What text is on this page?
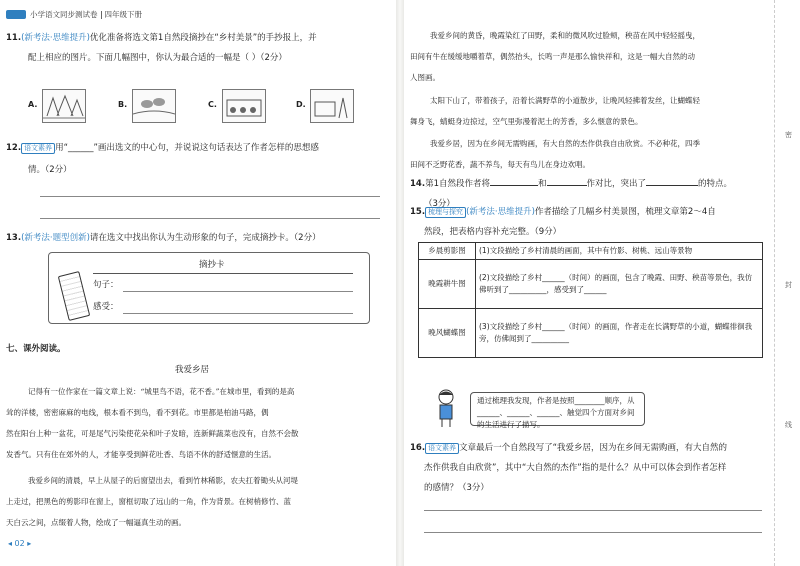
密
封
线
小学语文同步测试卷 四年级下册
11.(新考法·思维提升)优化准备将选文第1自然段摘抄在“乡村美景”的手抄报上，并
配上相应的图片。下面几幅图中，你认为最合适的一幅是（ ）（2分）
A.	B.	C.	D.
12. 语文素养 用“______”画出选文的中心句，并说说这句话表达了作者怎样的思想感
情。（2分）
13.(新考法·题型创新)请在选文中找出你认为生动形象的句子，完成摘抄卡。（2分）
摘抄卡
句子：
感受：
七、课外阅读。
我爱乡居
记得有一位作家在一篇文章上说：“城里鸟不语，花不香。”在城市里，看到的是高
耸的洋楼，密密麻麻的电线，根本看不到鸟，看不到花。市里都是柏油马路，偶
然在阳台上种一盆花，可是尾气污染使花朵和叶子发暗，连新鲜蔬菜也没有，自然不会散
发香气。只有住在郊外的人，才能享受到鲜花吐香、鸟语不休的舒适惬意的生活。
我爱乡间的清晨，早上从屋子的后窗望出去，看到竹林稀影，农夫扛着锄头从河堤
上走过，把黑色的剪影印在窗上，窗框切取了远山的一角，作为背景。在树梢修竹、蓝
天白云之间，点缀着人物，绘成了一幅逼真生动的画。
◂ 02 ▸
我爱乡间的黄昏，晚霞染红了田野，柔和的微风吹过脸颊，秧苗在风中轻轻摇曳，
田间有牛在缓缓地嚼着草，偶然抬头，长鸣一声是那么愉快祥和，这是一幅大自然的动
人图画。
太阳下山了，带着孩子，沿着长满野草的小道散步，让晚风轻拂着发丝，让蝴蝶轻
舞身飞，蜻蜓身边掠过，空气里弥漫着泥土的芳香，多么惬意的景色。
我爱乡居，因为在乡间无需购画，有大自然的杰作供我自由欣赏。不必种花，四季
田间不乏野花香，蔬不养鸟，每天有鸟儿在身边欢唱。
14.第1自然段作者将	和	作对比，突出了	的特点。
（3分）
15. 梳理与探究 (新考法·思维提升)作者描绘了几幅乡村美景图，梳理文章第2～4自
然段，把表格内容补充完整。（9分）
乡晨剪影图	(1)文段描绘了乡村清晨的画面，其中有竹影、树桃、远山等景物
晚霞耕牛图	(2)文段描绘了乡村______（时间）的画面，包含了晚霞、田野、秧苗等景色，我仿佛听到了__________，感受到了______
晚风蝴蝶图	(3)文段描绘了乡村______（时间）的画面，作者走在长满野草的小道，蝴蝶徘徊我旁，仿佛闻到了__________
通过梳理我发现，作者是按照________顺序，从______、______、______、触觉四个方面对乡间的生活进行了描写。
16. 语文素养 文章最后一个自然段写了“我爱乡居，因为在乡间无需购画，有大自然的
杰作供我自由欣赏”，其中“大自然的杰作”指的是什么？从中可以体会到作者怎样
的感情？（3分）
